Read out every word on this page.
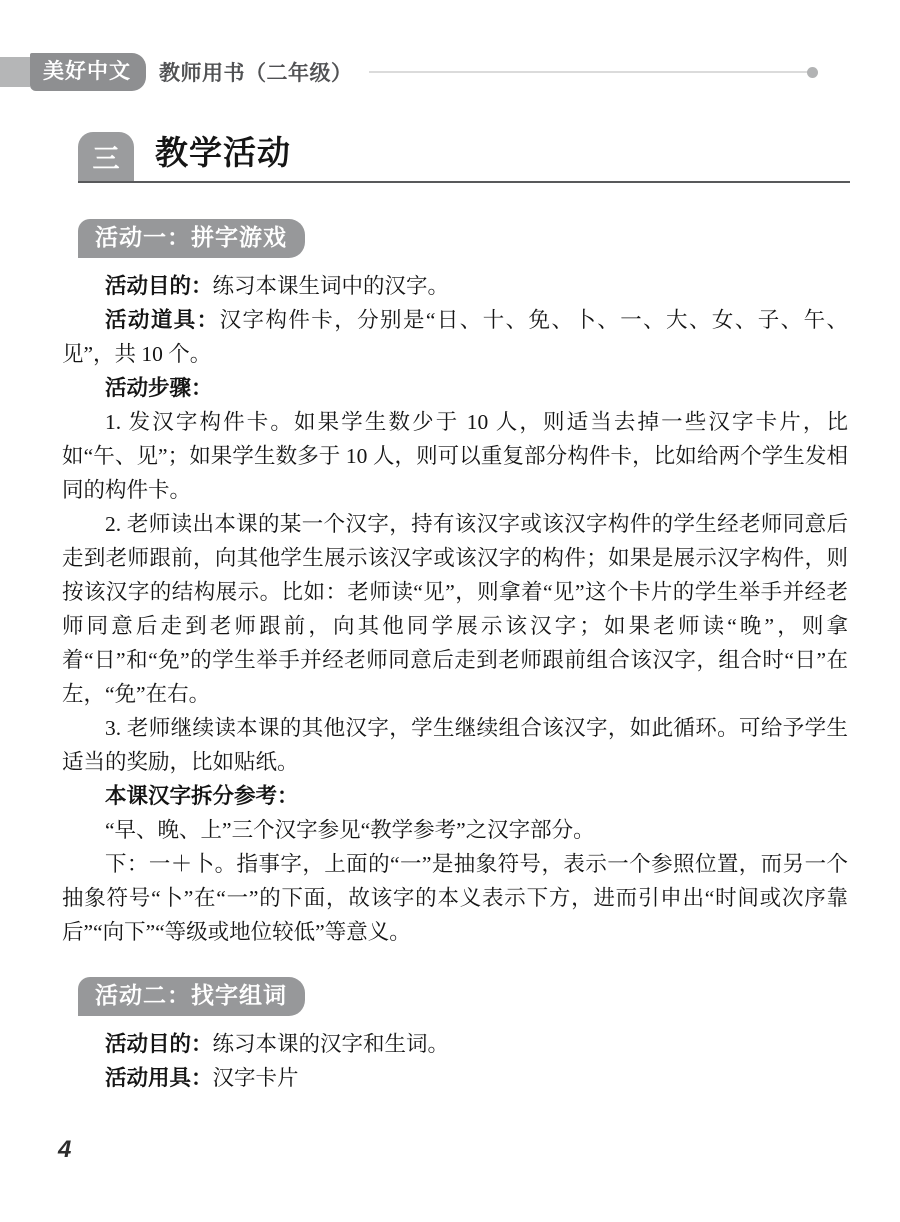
美好中文	教师用书（二年级）
三	教学活动
活动一：拼字游戏

活动目的：练习本课生词中的汉字。

活动道具：汉字构件卡，分别是“日、十、免、卜、一、大、女、子、午、见”，共 10 个。

活动步骤：

1. 发汉字构件卡。如果学生数少于 10 人，则适当去掉一些汉字卡片，比如“午、见”；如果学生数多于 10 人，则可以重复部分构件卡，比如给两个学生发相同的构件卡。

2. 老师读出本课的某一个汉字，持有该汉字或该汉字构件的学生经老师同意后走到老师跟前，向其他学生展示该汉字或该汉字的构件；如果是展示汉字构件，则按该汉字的结构展示。比如：老师读“见”，则拿着“见”这个卡片的学生举手并经老师同意后走到老师跟前，向其他同学展示该汉字；如果老师读“晚”，则拿着“日”和“免”的学生举手并经老师同意后走到老师跟前组合该汉字，组合时“日”在左，“免”在右。

3. 老师继续读本课的其他汉字，学生继续组合该汉字，如此循环。可给予学生适当的奖励，比如贴纸。

本课汉字拆分参考：

“早、晚、上”三个汉字参见“教学参考”之汉字部分。

下：一＋卜。指事字，上面的“一”是抽象符号，表示一个参照位置，而另一个抽象符号“卜”在“一”的下面，故该字的本义表示下方，进而引申出“时间或次序靠后”“向下”“等级或地位较低”等意义。

活动二：找字组词

活动目的：练习本课的汉字和生词。

活动用具：汉字卡片

4
